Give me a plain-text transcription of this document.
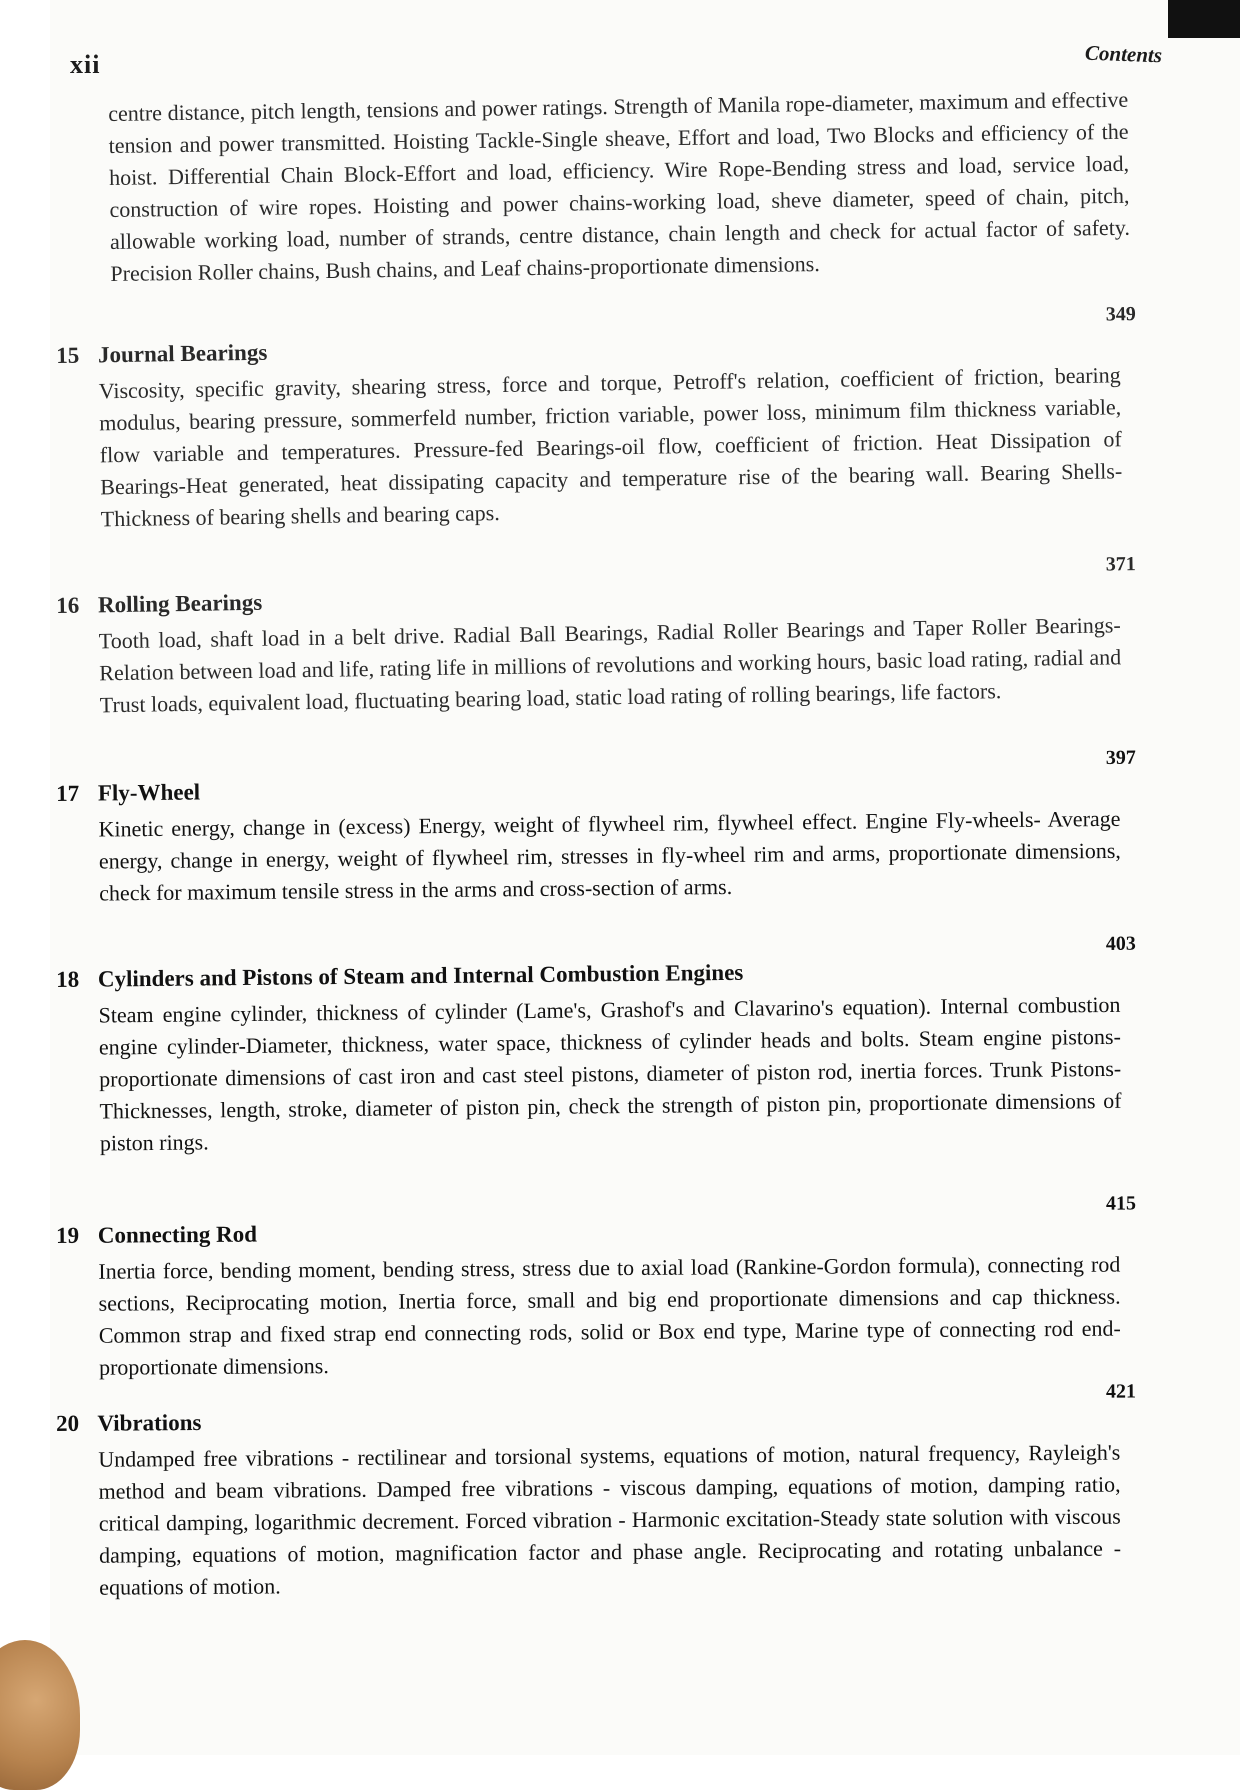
xii	Contents

centre distance, pitch length, tensions and power ratings. Strength of Manila rope-diameter, maximum and effective tension and power transmitted. Hoisting Tackle-Single sheave, Effort and load, Two Blocks and efficiency of the hoist. Differential Chain Block-Effort and load, efficiency. Wire Rope-Bending stress and load, service load, construction of wire ropes. Hoisting and power chains-working load, sheve diameter, speed of chain, pitch, allowable working load, number of strands, centre distance, chain length and check for actual factor of safety. Precision Roller chains, Bush chains, and Leaf chains-proportionate dimensions.

15 Journal Bearings
349

Viscosity, specific gravity, shearing stress, force and torque, Petroff's relation, coefficient of friction, bearing modulus, bearing pressure, sommerfeld number, friction variable, power loss, minimum film thickness variable, flow variable and temperatures. Pressure-fed Bearings-oil flow, coefficient of friction. Heat Dissipation of Bearings-Heat generated, heat dissipating capacity and temperature rise of the bearing wall. Bearing Shells-Thickness of bearing shells and bearing caps.

16 Rolling Bearings
371

Tooth load, shaft load in a belt drive. Radial Ball Bearings, Radial Roller Bearings and Taper Roller Bearings-Relation between load and life, rating life in millions of revolutions and working hours, basic load rating, radial and Trust loads, equivalent load, fluctuating bearing load, static load rating of rolling bearings, life factors.

17 Fly-Wheel
397

Kinetic energy, change in (excess) Energy, weight of flywheel rim, flywheel effect. Engine Fly-wheels- Average energy, change in energy, weight of flywheel rim, stresses in fly-wheel rim and arms, proportionate dimensions, check for maximum tensile stress in the arms and cross-section of arms.

18 Cylinders and Pistons of Steam and Internal Combustion Engines
403

Steam engine cylinder, thickness of cylinder (Lame's, Grashof's and Clavarino's equation). Internal combustion engine cylinder-Diameter, thickness, water space, thickness of cylinder heads and bolts. Steam engine pistons-proportionate dimensions of cast iron and cast steel pistons, diameter of piston rod, inertia forces. Trunk Pistons-Thicknesses, length, stroke, diameter of piston pin, check the strength of piston pin, proportionate dimensions of piston rings.

19 Connecting Rod
415

Inertia force, bending moment, bending stress, stress due to axial load (Rankine-Gordon formula), connecting rod sections, Reciprocating motion, Inertia force, small and big end proportionate dimensions and cap thickness. Common strap and fixed strap end connecting rods, solid or Box end type, Marine type of connecting rod end-proportionate dimensions.

20 Vibrations
421

Undamped free vibrations - rectilinear and torsional systems, equations of motion, natural frequency, Rayleigh's method and beam vibrations. Damped free vibrations - viscous damping, equations of motion, damping ratio, critical damping, logarithmic decrement. Forced vibration - Harmonic excitation-Steady state solution with viscous damping, equations of motion, magnification factor and phase angle. Reciprocating and rotating unbalance - equations of motion.
